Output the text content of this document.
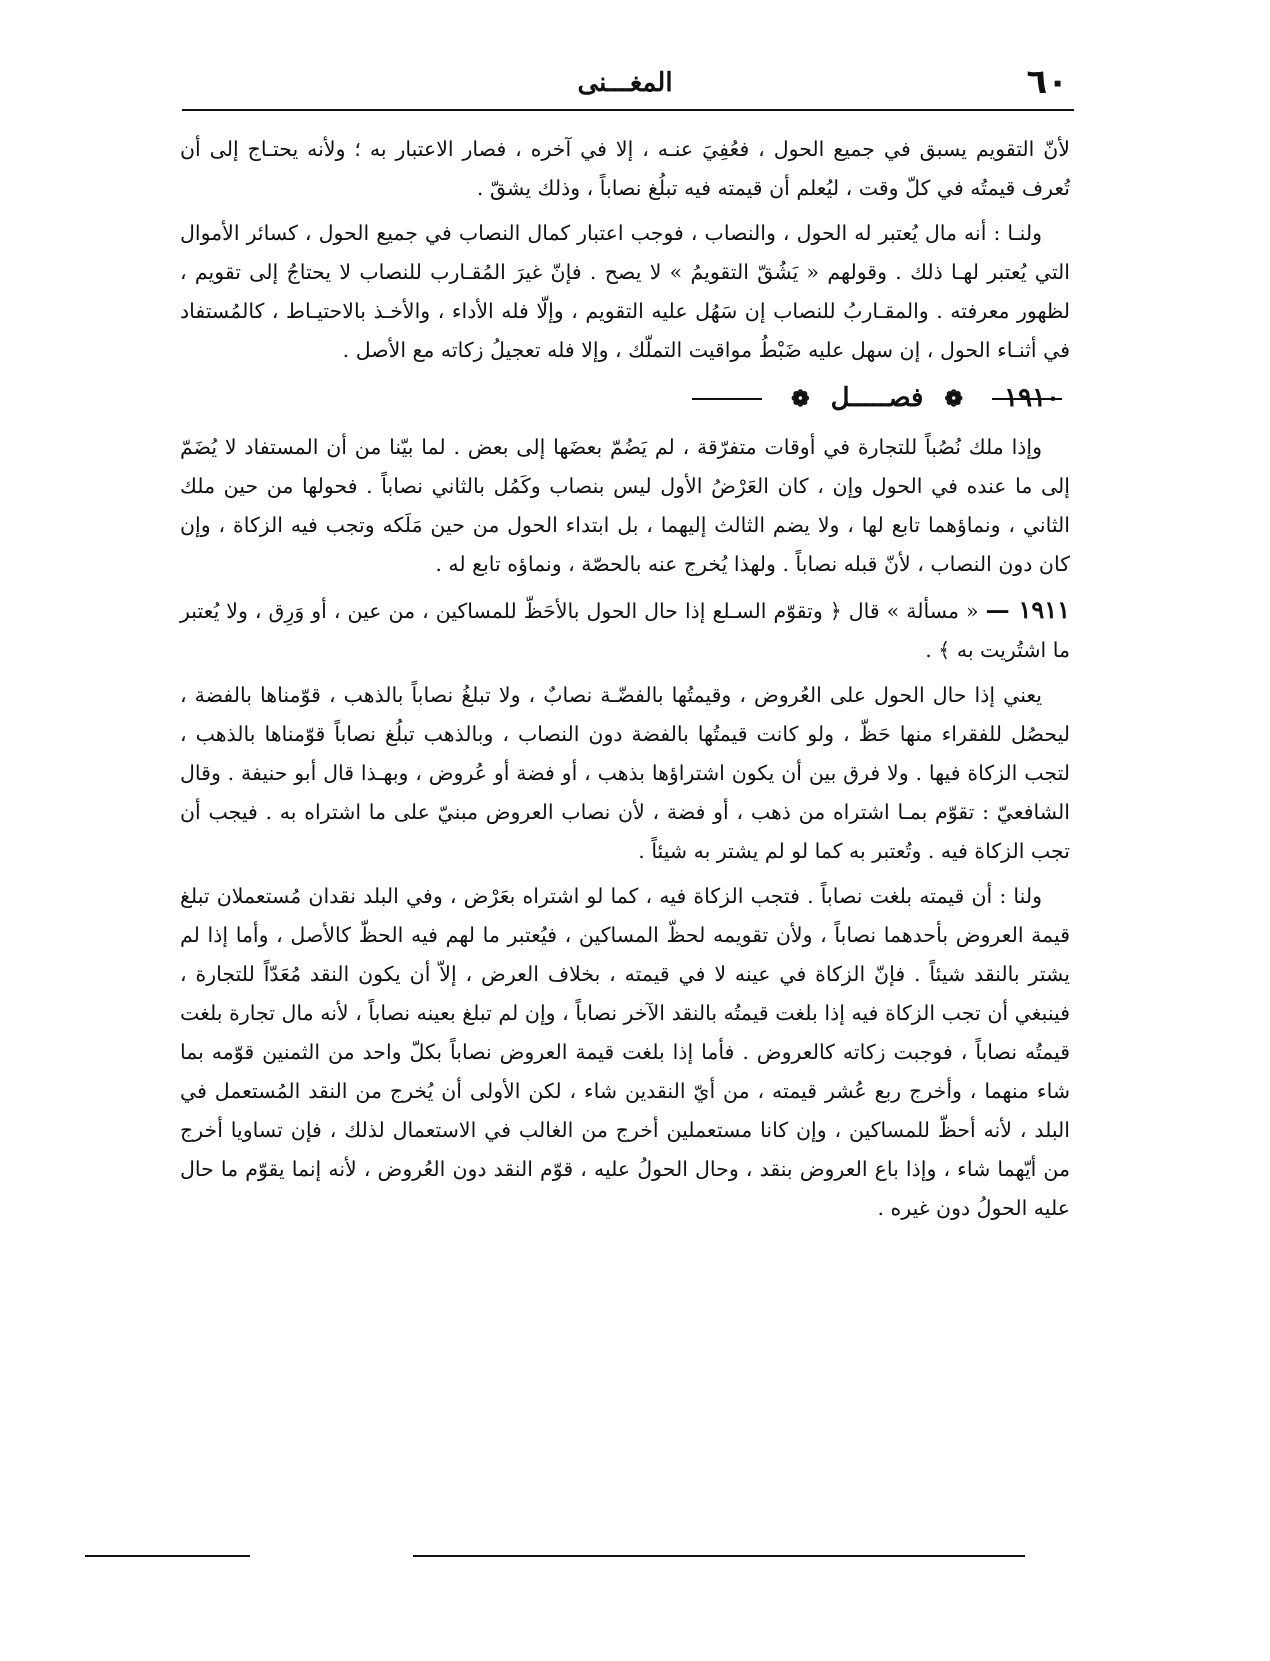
٦٠
المغـــنى

لأنّ التقويم يسبق في جميع الحول ، فعُفِيَ عنـه ، إلا في آخره ، فصار الاعتبار به ؛ ولأنه يحتـاج إلى أن تُعرف قيمتُه في كلّ وقت ، ليُعلم أن قيمته فيه تبلُغ نصاباً ، وذلك يشقّ .

ولنـا : أنه مال يُعتبر له الحول ، والنصاب ، فوجب اعتبار كمال النصاب في جميع الحول ، كسائر الأموال التي يُعتبر لهـا ذلك . وقولهم « يَشُقّ التقويمُ » لا يصح . فإنّ غيرَ المُقـارب للنصاب لا يحتاجُ إلى تقويم ، لظهور معرفته . والمقـاربُ للنصاب إن سَهُل عليه التقويم ، وإلّا فله الأداء ، والأخـذ بالاحتيـاط ، كالمُستفاد في أثنـاء الحول ، إن سهل عليه ضَبْطُ مواقيت التملّك ، وإلا فله تعجيلُ زكاته مع الأصل .

١٩١٠
❁ فصـــــل ❁

وإذا ملك نُصُباً للتجارة في أوقات متفرّقة ، لم يَضُمّ بعضَها إلى بعض . لما بيّنا من أن المستفاد لا يُضَمّ إلى ما عنده في الحول وإن ، كان العَرْضُ الأول ليس بنصاب وكَمُل بالثاني نصاباً . فحولها من حين ملك الثاني ، ونماؤهما تابع لها ، ولا يضم الثالث إليهما ، بل ابتداء الحول من حين مَلَكه وتجب فيه الزكاة ، وإن كان دون النصاب ، لأنّ قبله نصاباً . ولهذا يُخرج عنه بالحصّة ، ونماؤه تابع له .

١٩١١ — « مسألة » قال ﴿ وتقوّم السـلع إذا حال الحول بالأحَظّ للمساكين ، من عين ، أو وَرِق ، ولا يُعتبر ما اشتُريت به ﴾ .

يعني إذا حال الحول على العُروض ، وقيمتُها بالفضّـة نصابٌ ، ولا تبلغُ نصاباً بالذهب ، قوّمناها بالفضة ، ليحصُل للفقراء منها حَظّ ، ولو كانت قيمتُها بالفضة دون النصاب ، وبالذهب تبلُغ نصاباً قوّمناها بالذهب ، لتجب الزكاة فيها . ولا فرق بين أن يكون اشتراؤها بذهب ، أو فضة أو عُروض ، وبهـذا قال أبو حنيفة . وقال الشافعيّ : تقوّم بمـا اشتراه من ذهب ، أو فضة ، لأن نصاب العروض مبنيّ على ما اشتراه به . فيجب أن تجب الزكاة فيه . وتُعتبر به كما لو لم يشتر به شيئاً .

ولنا : أن قيمته بلغت نصاباً . فتجب الزكاة فيه ، كما لو اشتراه بعَرْض ، وفي البلد نقدان مُستعملان تبلغ قيمة العروض بأحدهما نصاباً ، ولأن تقويمه لحظّ المساكين ، فيُعتبر ما لهم فيه الحظّ كالأصل ، وأما إذا لم يشتر بالنقد شيئاً . فإنّ الزكاة في عينه لا في قيمته ، بخلاف العرض ، إلاّ أن يكون النقد مُعَدّاً للتجارة ، فينبغي أن تجب الزكاة فيه إذا بلغت قيمتُه بالنقد الآخر نصاباً ، وإن لم تبلغ بعينه نصاباً ، لأنه مال تجارة بلغت قيمتُه نصاباً ، فوجبت زكاته كالعروض . فأما إذا بلغت قيمة العروض نصاباً بكلّ واحد من الثمنين قوّمه بما شاء منهما ، وأخرج ربع عُشر قيمته ، من أيّ النقدين شاء ، لكن الأولى أن يُخرج من النقد المُستعمل في البلد ، لأنه أحظّ للمساكين ، وإن كانا مستعملين أخرج من الغالب في الاستعمال لذلك ، فإن تساويا أخرج من أيّهما شاء ، وإذا باع العروض بنقد ، وحال الحولُ عليه ، قوّم النقد دون العُروض ، لأنه إنما يقوّم ما حال عليه الحولُ دون غيره .
